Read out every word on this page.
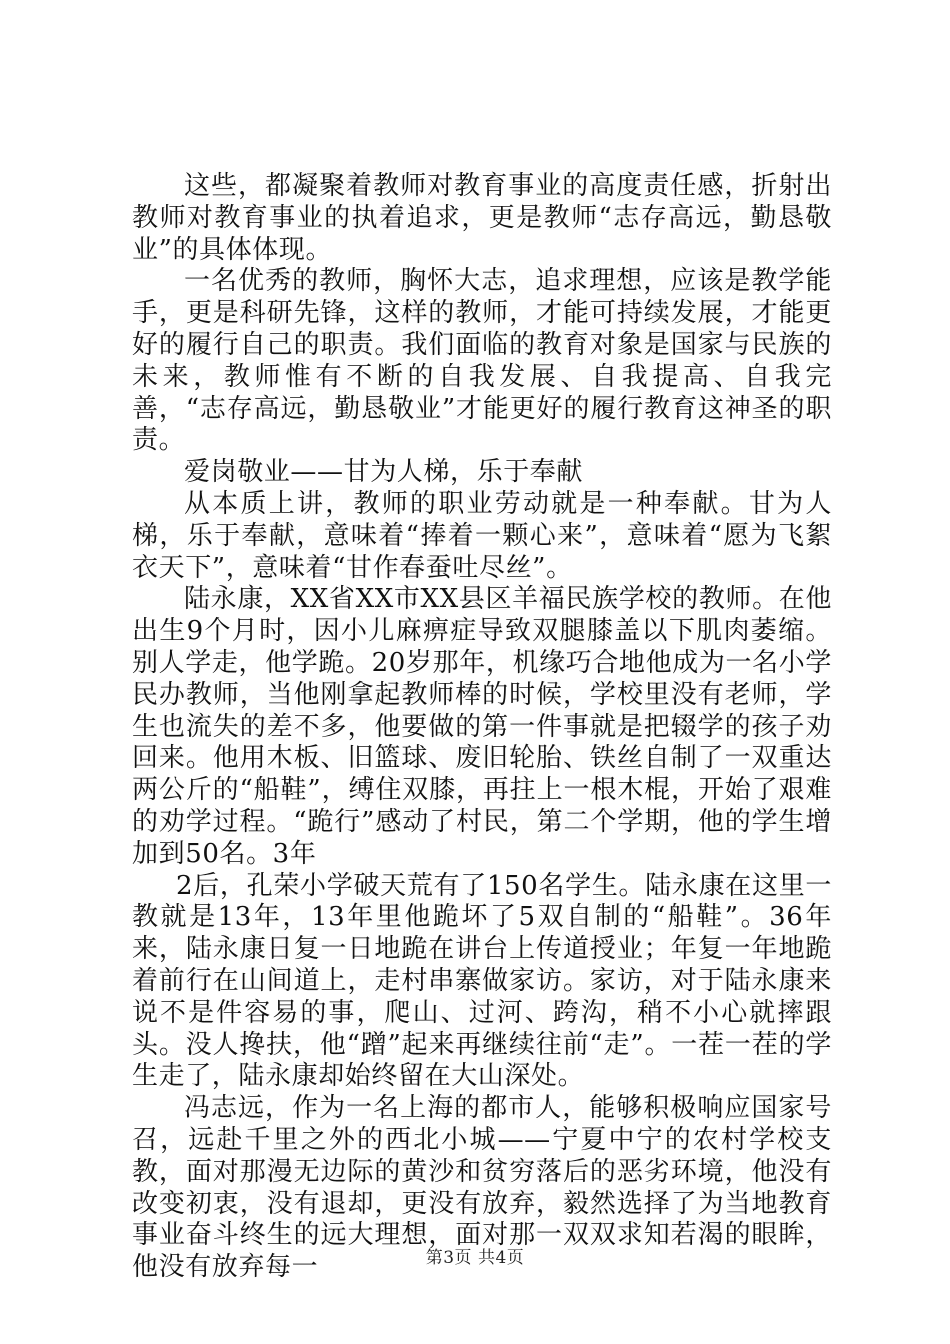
这些，都凝聚着教师对教育事业的高度责任感，折射出教师对教育事业的执着追求，更是教师“志存高远，勤恳敬业”的具体体现。

一名优秀的教师，胸怀大志，追求理想，应该是教学能手，更是科研先锋，这样的教师，才能可持续发展，才能更好的履行自己的职责。我们面临的教育对象是国家与民族的未来，教师惟有不断的自我发展、自我提高、自我完善，“志存高远，勤恳敬业”才能更好的履行教育这神圣的职责。

爱岗敬业——甘为人梯，乐于奉献

从本质上讲，教师的职业劳动就是一种奉献。甘为人梯，乐于奉献，意味着“捧着一颗心来”，意味着“愿为飞絮衣天下”，意味着“甘作春蚕吐尽丝”。

陆永康，XX省XX市XX县区羊福民族学校的教师。在他出生9个月时，因小儿麻痹症导致双腿膝盖以下肌肉萎缩。别人学走，他学跪。20岁那年，机缘巧合地他成为一名小学民办教师，当他刚拿起教师棒的时候，学校里没有老师，学生也流失的差不多，他要做的第一件事就是把辍学的孩子劝回来。他用木板、旧篮球、废旧轮胎、铁丝自制了一双重达两公斤的“船鞋”，缚住双膝，再拄上一根木棍，开始了艰难的劝学过程。“跪行”感动了村民，第二个学期，他的学生增加到50名。3年

2后，孔荣小学破天荒有了150名学生。陆永康在这里一教就是13年，13年里他跪坏了5双自制的“船鞋”。36年来，陆永康日复一日地跪在讲台上传道授业；年复一年地跪着前行在山间道上，走村串寨做家访。家访，对于陆永康来说不是件容易的事，爬山、过河、跨沟，稍不小心就摔跟头。没人搀扶，他“蹭”起来再继续往前“走”。一茬一茬的学生走了，陆永康却始终留在大山深处。

冯志远，作为一名上海的都市人，能够积极响应国家号召，远赴千里之外的西北小城——宁夏中宁的农村学校支教，面对那漫无边际的黄沙和贫穷落后的恶劣环境，他没有改变初衷，没有退却，更没有放弃，毅然选择了为当地教育事业奋斗终生的远大理想，面对那一双双求知若渴的眼眸，他没有放弃每一	第3页 共4页
